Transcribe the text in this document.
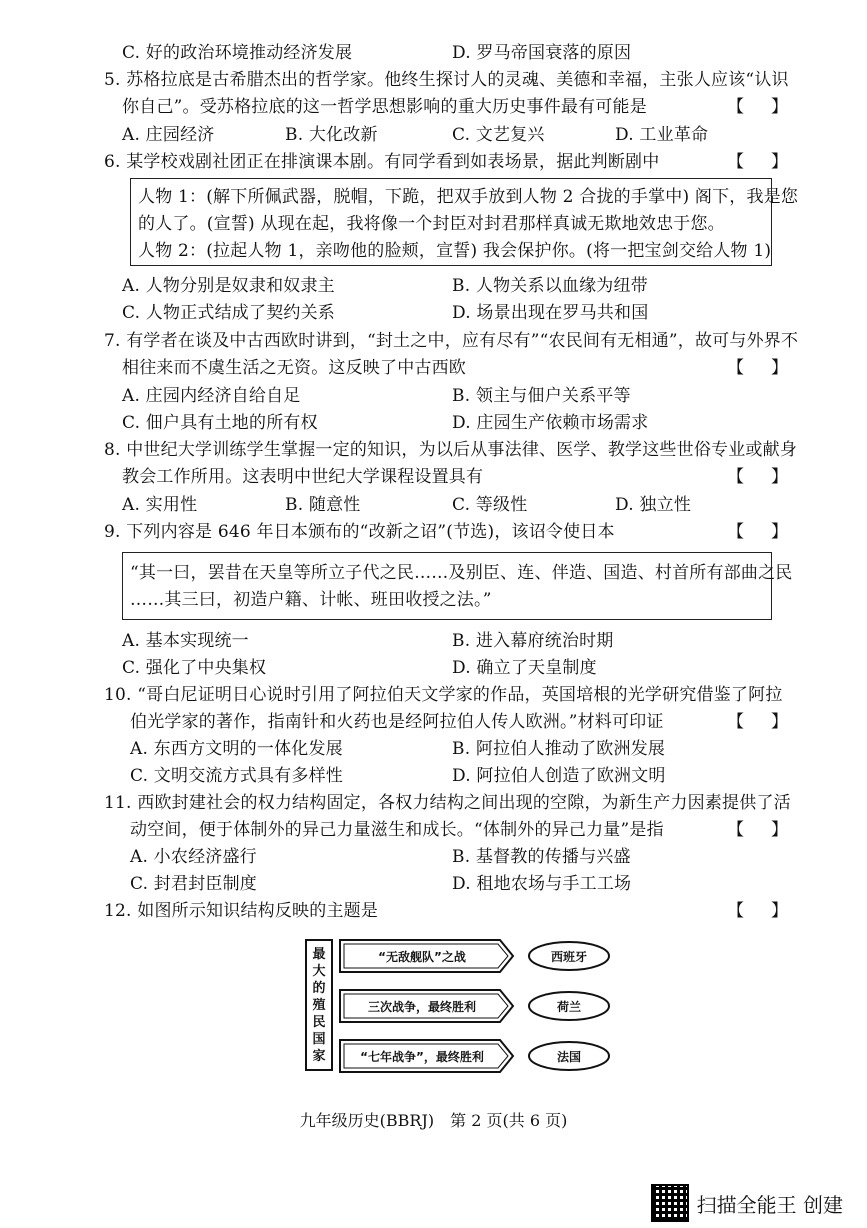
C. 好的政治环境推动经济发展	D. 罗马帝国衰落的原因
5. 苏格拉底是古希腊杰出的哲学家。他终生探讨人的灵魂、美德和幸福，主张人应该“认识
你自己”。受苏格拉底的这一哲学思想影响的重大历史事件最有可能是	【     】
A. 庄园经济	B. 大化改新	C. 文艺复兴	D. 工业革命
6. 某学校戏剧社团正在排演课本剧。有同学看到如表场景，据此判断剧中	【     】
人物 1：(解下所佩武器，脱帽，下跪，把双手放到人物 2 合拢的手掌中) 阁下，我是您
的人了。(宣誓) 从现在起，我将像一个封臣对封君那样真诚无欺地效忠于您。
人物 2：(拉起人物 1，亲吻他的脸颊，宣誓) 我会保护你。(将一把宝剑交给人物 1)
A. 人物分别是奴隶和奴隶主	B. 人物关系以血缘为纽带
C. 人物正式结成了契约关系	D. 场景出现在罗马共和国
7. 有学者在谈及中古西欧时讲到，“封土之中，应有尽有”“农民间有无相通”，故可与外界不
相往来而不虞生活之无资。这反映了中古西欧	【     】
A. 庄园内经济自给自足	B. 领主与佃户关系平等
C. 佃户具有土地的所有权	D. 庄园生产依赖市场需求
8. 中世纪大学训练学生掌握一定的知识，为以后从事法律、医学、教学这些世俗专业或献身
教会工作所用。这表明中世纪大学课程设置具有	【     】
A. 实用性	B. 随意性	C. 等级性	D. 独立性
9. 下列内容是 646 年日本颁布的“改新之诏”(节选)，该诏令使日本	【     】
“其一曰，罢昔在天皇等所立子代之民……及别臣、连、伴造、国造、村首所有部曲之民
……其三曰，初造户籍、计帐、班田收授之法。”
A. 基本实现统一	B. 进入幕府统治时期
C. 强化了中央集权	D. 确立了天皇制度
10. “哥白尼证明日心说时引用了阿拉伯天文学家的作品，英国培根的光学研究借鉴了阿拉
伯光学家的著作，指南针和火药也是经阿拉伯人传人欧洲。”材料可印证	【     】
A. 东西方文明的一体化发展	B. 阿拉伯人推动了欧洲发展
C. 文明交流方式具有多样性	D. 阿拉伯人创造了欧洲文明
11. 西欧封建社会的权力结构固定，各权力结构之间出现的空隙，为新生产力因素提供了活
动空间，便于体制外的异己力量滋生和成长。“体制外的异己力量”是指	【     】
A. 小农经济盛行	B. 基督教的传播与兴盛
C. 封君封臣制度	D. 租地农场与手工工场
12. 如图所示知识结构反映的主题是	【     】
最大的殖民国家
“无敌舰队”之战
三次战争，最终胜利
“七年战争”，最终胜利
西班牙
荷兰
法国
九年级历史(BBRJ)　第 2 页(共 6 页)
扫描全能王 创建
